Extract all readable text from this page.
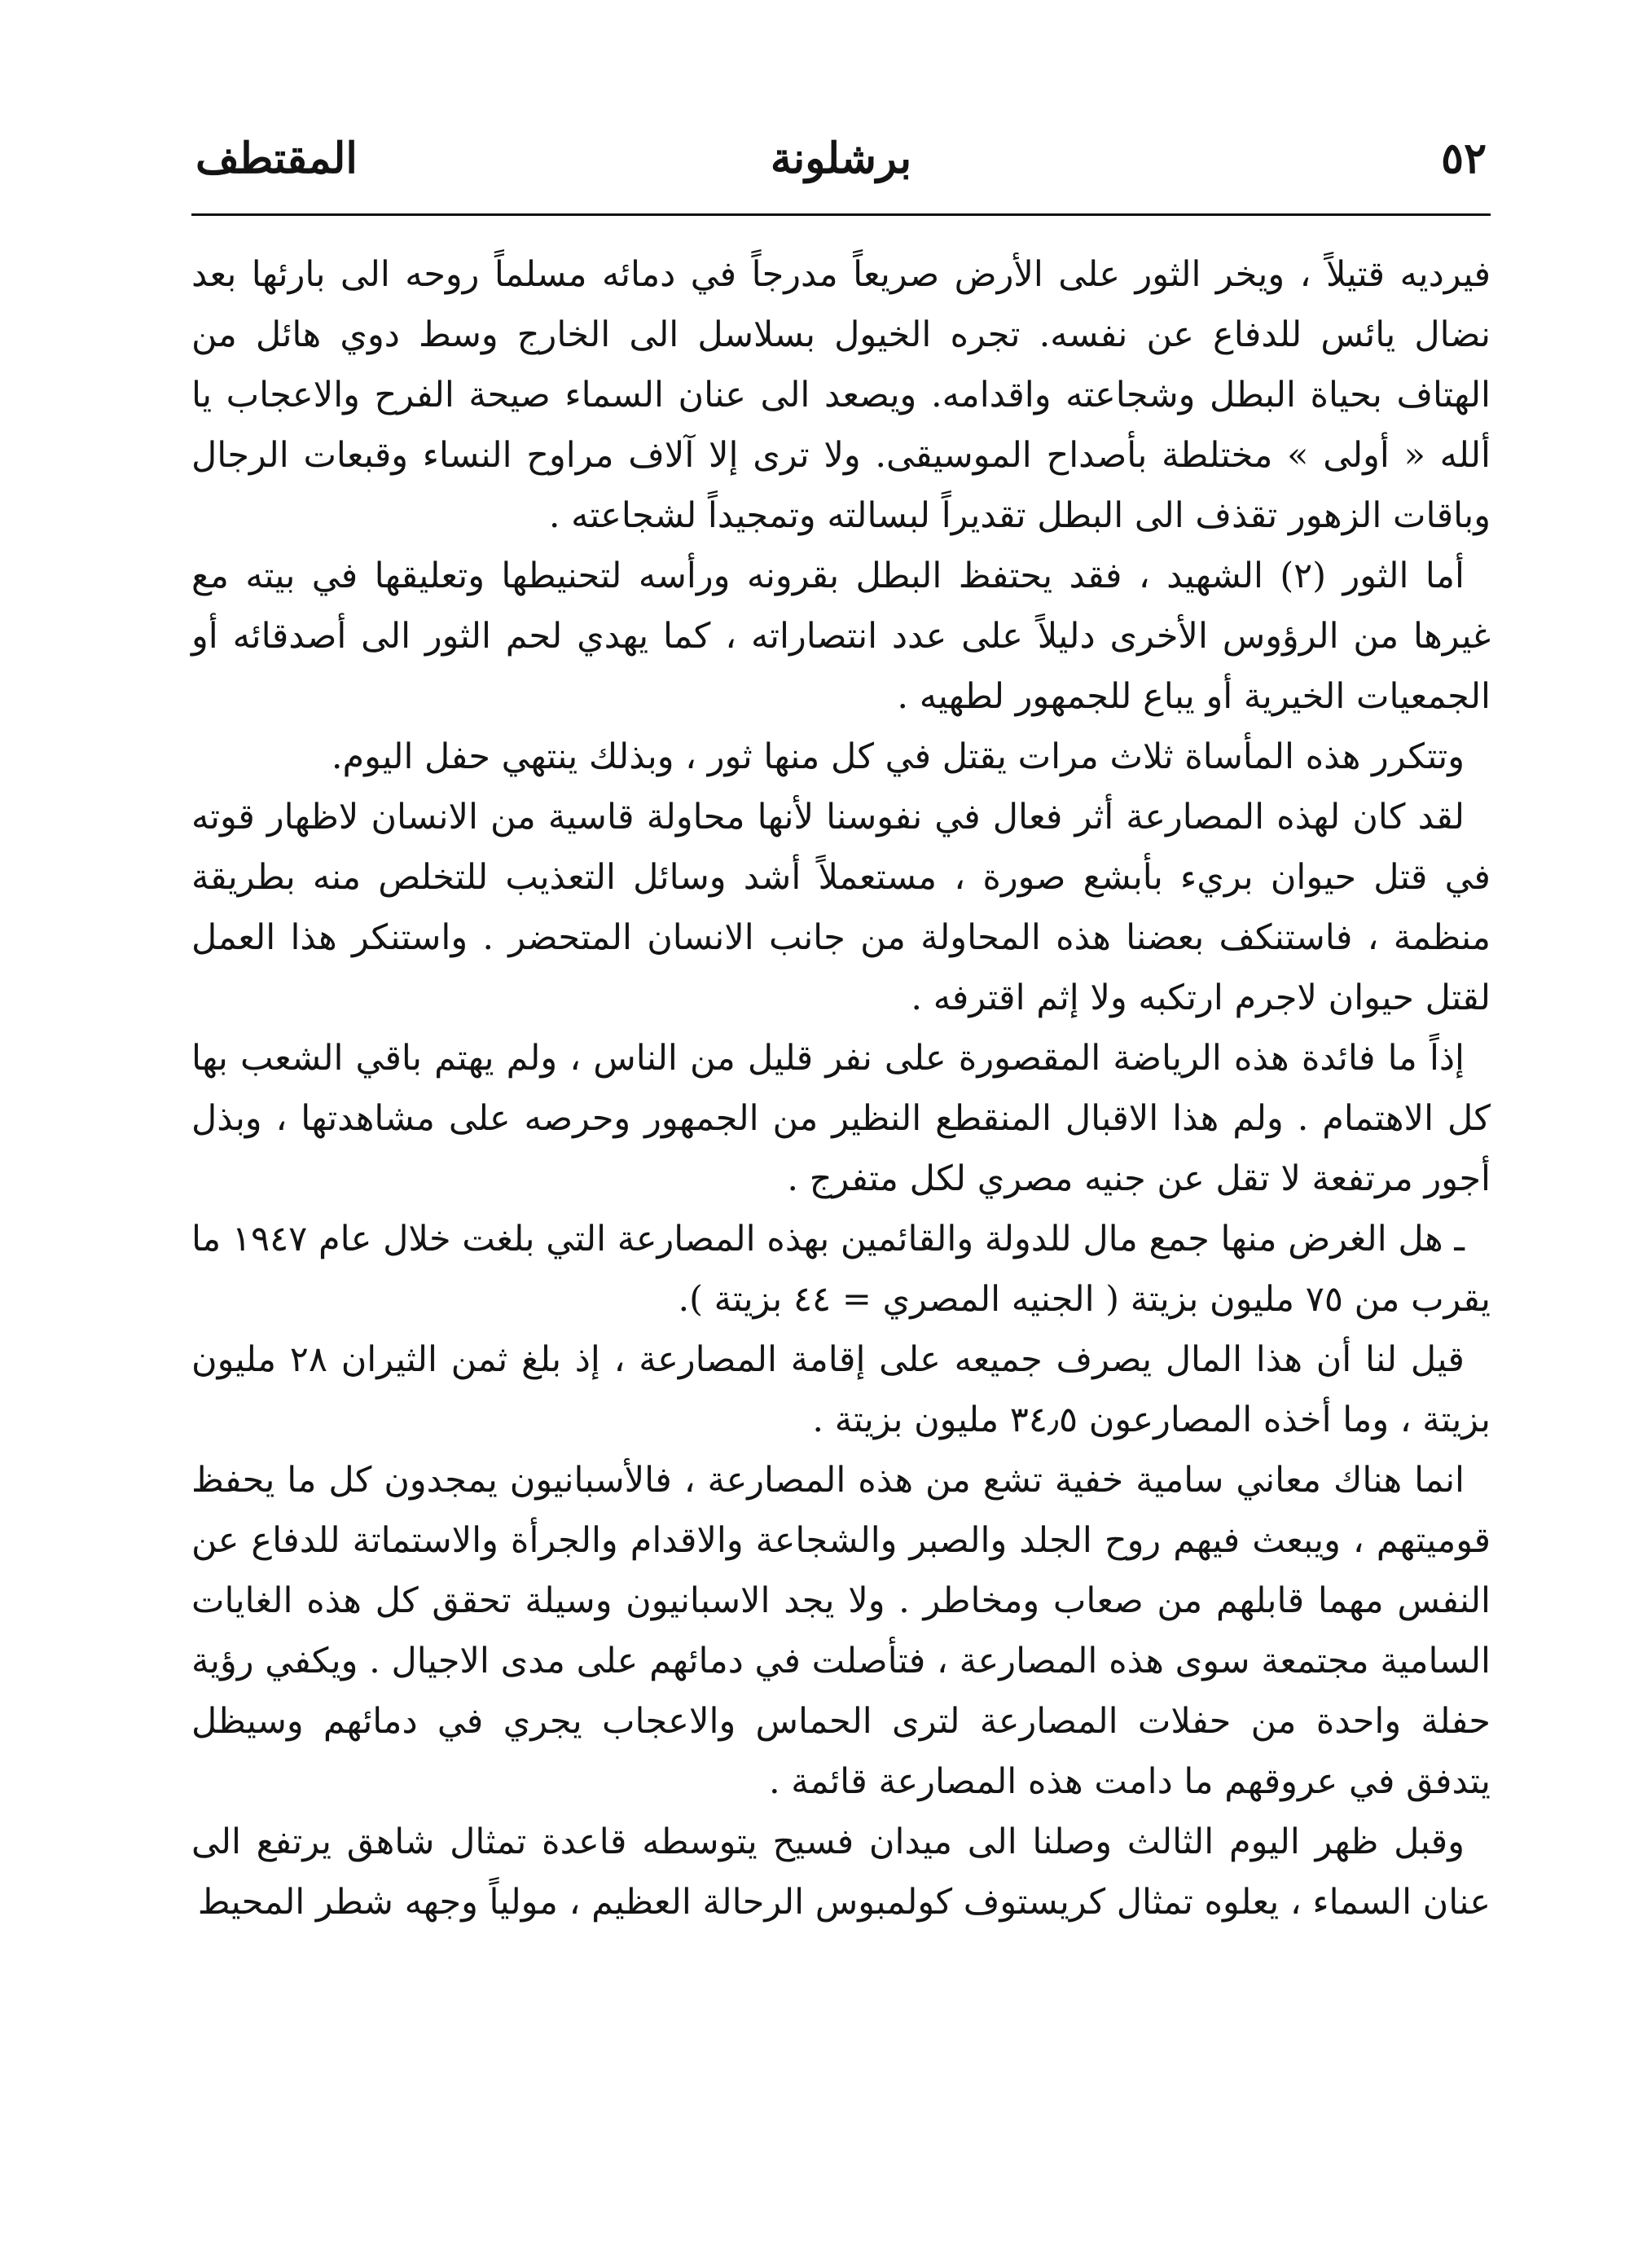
٥٢
برشلونة
المقتطف

فيرديه قتيلاً ، ويخر الثور على الأرض صريعاً مدرجاً في دمائه مسلماً روحه الى بارئها بعد نضال يائس للدفاع عن نفسه. تجره الخيول بسلاسل الى الخارج وسط دوي هائل من الهتاف بحياة البطل وشجاعته واقدامه. ويصعد الى عنان السماء صيحة الفرح والاعجاب يا ألله « أولى » مختلطة بأصداح الموسيقى. ولا ترى إلا آلاف مراوح النساء وقبعات الرجال وباقات الزهور تقذف الى البطل تقديراً لبسالته وتمجيداً لشجاعته .

أما الثور (٢) الشهيد ، فقد يحتفظ البطل بقرونه ورأسه لتحنيطها وتعليقها في بيته مع غيرها من الرؤوس الأخرى دليلاً على عدد انتصاراته ، كما يهدي لحم الثور الى أصدقائه أو الجمعيات الخيرية أو يباع للجمهور لطهيه .

وتتكرر هذه المأساة ثلاث مرات يقتل في كل منها ثور ، وبذلك ينتهي حفل اليوم.

لقد كان لهذه المصارعة أثر فعال في نفوسنا لأنها محاولة قاسية من الانسان لاظهار قوته في قتل حيوان بريء بأبشع صورة ، مستعملاً أشد وسائل التعذيب للتخلص منه بطريقة منظمة ، فاستنكف بعضنا هذه المحاولة من جانب الانسان المتحضر . واستنكر هذا العمل لقتل حيوان لاجرم ارتكبه ولا إثم اقترفه .

إذاً ما فائدة هذه الرياضة المقصورة على نفر قليل من الناس ، ولم يهتم باقي الشعب بها كل الاهتمام . ولم هذا الاقبال المنقطع النظير من الجمهور وحرصه على مشاهدتها ، وبذل أجور مرتفعة لا تقل عن جنيه مصري لكل متفرج .

ـ هل الغرض منها جمع مال للدولة والقائمين بهذه المصارعة التي بلغت خلال عام ١٩٤٧ ما يقرب من ٧٥ مليون بزيتة ( الجنيه المصري = ٤٤ بزيتة ).

قيل لنا أن هذا المال يصرف جميعه على إقامة المصارعة ، إذ بلغ ثمن الثيران ٢٨ مليون بزيتة ، وما أخذه المصارعون ٣٤٫٥ مليون بزيتة .

انما هناك معاني سامية خفية تشع من هذه المصارعة ، فالأسبانيون يمجدون كل ما يحفظ قوميتهم ، ويبعث فيهم روح الجلد والصبر والشجاعة والاقدام والجرأة والاستماتة للدفاع عن النفس مهما قابلهم من صعاب ومخاطر . ولا يجد الاسبانيون وسيلة تحقق كل هذه الغايات السامية مجتمعة سوى هذه المصارعة ، فتأصلت في دمائهم على مدى الاجيال . ويكفي رؤية حفلة واحدة من حفلات المصارعة لترى الحماس والاعجاب يجري في دمائهم وسيظل يتدفق في عروقهم ما دامت هذه المصارعة قائمة .

وقبل ظهر اليوم الثالث وصلنا الى ميدان فسيح يتوسطه قاعدة تمثال شاهق يرتفع الى عنان السماء ، يعلوه تمثال كريستوف كولمبوس الرحالة العظيم ، مولياً وجهه شطر المحيط
